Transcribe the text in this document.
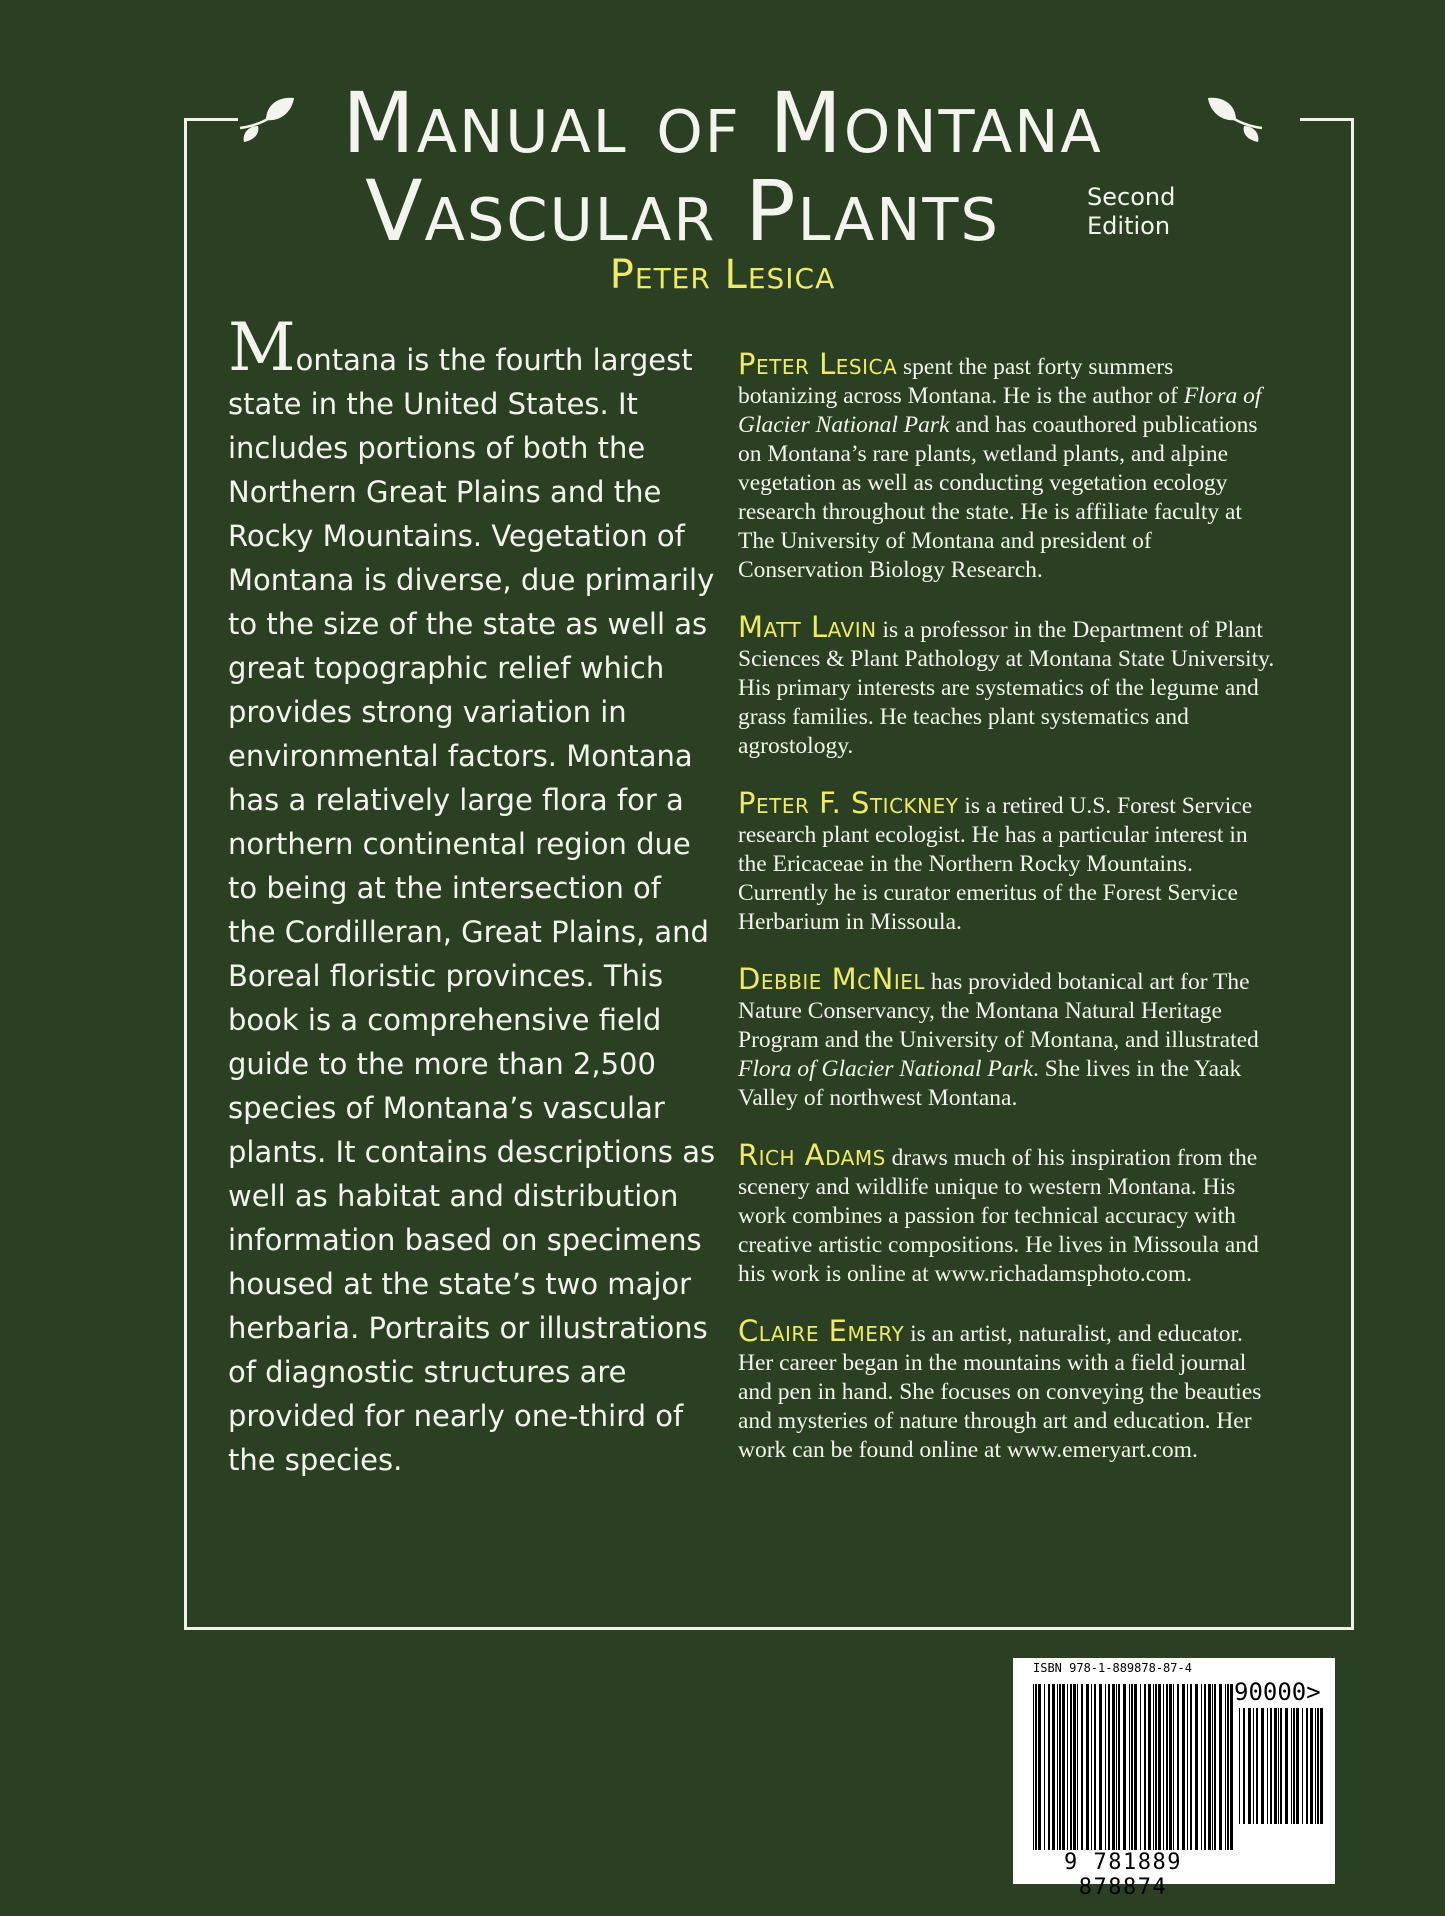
Manual of Montana
Vascular Plants	Second
Edition
Peter Lesica

Montana is the fourth largest state in the United States. It includes portions of both the Northern Great Plains and the Rocky Mountains. Vegetation of Montana is diverse, due primarily to the size of the state as well as great topographic relief which provides strong variation in environmental factors. Montana has a relatively large flora for a northern continental region due to being at the intersection of the Cordilleran, Great Plains, and Boreal floristic provinces. This book is a comprehensive field guide to the more than 2,500 species of Montana’s vascular plants. It contains descriptions as well as habitat and distribution information based on specimens housed at the state’s two major herbaria. Portraits or illustrations of diagnostic structures are provided for nearly one-third of the species.

Peter Lesica spent the past forty summers botanizing across Montana. He is the author of Flora of Glacier National Park and has coauthored publications on Montana’s rare plants, wetland plants, and alpine vegetation as well as conducting vegetation ecology research throughout the state. He is affiliate faculty at The University of Montana and president of Conservation Biology Research.

Matt Lavin is a professor in the Department of Plant Sciences & Plant Pathology at Montana State University. His primary interests are systematics of the legume and grass families. He teaches plant systematics and agrostology.

Peter F. Stickney is a retired U.S. Forest Service research plant ecologist. He has a particular interest in the Ericaceae in the Northern Rocky Mountains. Currently he is curator emeritus of the Forest Service Herbarium in Missoula.

Debbie McNiel has provided botanical art for The Nature Conservancy, the Montana Natural Heritage Program and the University of Montana, and illustrated Flora of Glacier National Park. She lives in the Yaak Valley of northwest Montana.

Rich Adams draws much of his inspiration from the scenery and wildlife unique to western Montana. His work combines a passion for technical accuracy with creative artistic compositions. He lives in Missoula and his work is online at www.richadamsphoto.com.

Claire Emery is an artist, naturalist, and educator. Her career began in the mountains with a field journal and pen in hand. She focuses on conveying the beauties and mysteries of nature through art and education. Her work can be found online at www.emeryart.com.

ISBN 978-1-889878-87-4
90000>
9 781889 878874
